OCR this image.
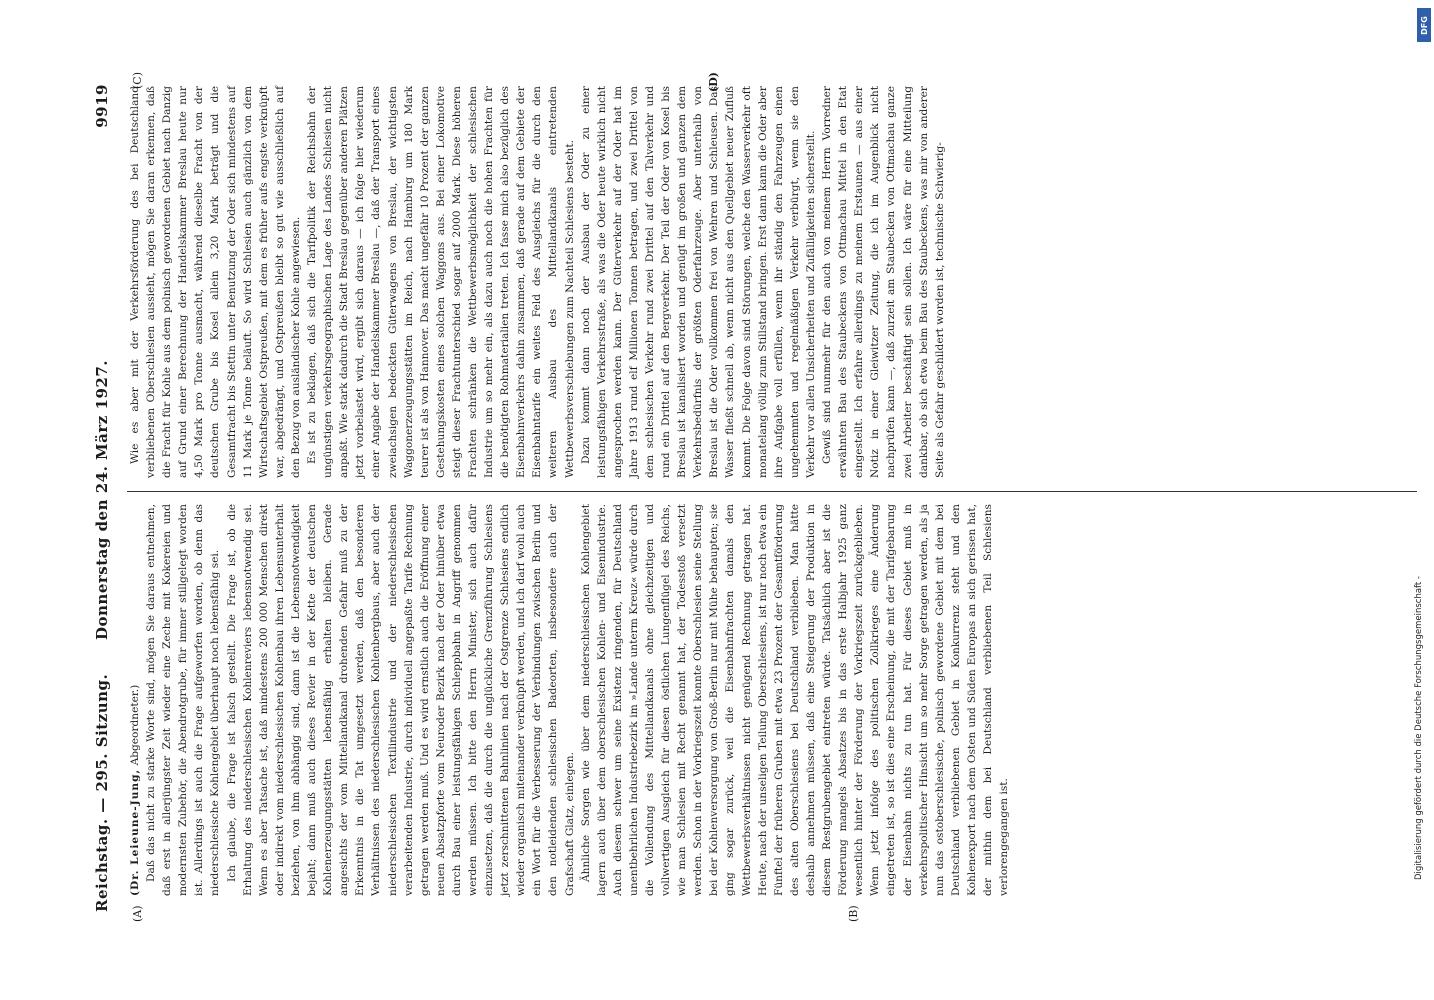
Reichstag. — 295. Sitzung.
Donnerstag den 24. März 1927.
9919
(A)	(B)
(C)	(D)

(Dr. Leieune-Jung, Abgeordneter.) Daß das nicht zu starke Worte sind, mögen Sie daraus entnehmen, daß erst in allerjüngster Zeit wieder eine Zeche mit Kokereien und modernsten Zubehör, die Abendrotgrube, für immer stillgelegt worden ist. Allerdings ist auch die Frage aufgeworfen worden, ob denn das niederschlesische Kohlengebiet überhaupt noch lebensfähig sei. Ich glaube, die Frage ist falsch gestellt. Die Frage ist, ob die Erhaltung des niederschlesischen Kohlenreviers lebensnotwendig sei. Wenn es aber Tatsache ist, daß mindestens 200 000 Menschen direkt oder indirekt vom niederschlesischen Kohlenbau ihren Lebensunterhalt beziehen, von ihm abhängig sind, dann ist die Lebensnotwendigkeit bejaht; dann muß auch dieses Revier in der Kette der deutschen Kohlenerzeugungsstätten lebensfähig erhalten bleiben. Gerade angesichts der vom Mittellandkanal drohenden Gefahr muß zu der Erkenntnis in die Tat umgesetzt werden, daß den besonderen Verhältnissen des niederschlesischen Kohlenbergbaus, aber auch der niederschlesischen Textilindustrie und der niederschlesischen verarbeitenden Industrie, durch individuell angepaßte Tarife Rechnung getragen werden muß. Und es wird ernstlich auch die Eröffnung einer neuen Absatzpforte vom Neuroder Bezirk nach der Oder hinüber etwa durch Bau einer leistungsfähigen Schleppbahn in Angriff genommen werden müssen. Ich bitte den Herrn Minister, sich auch dafür einzusetzen, daß die durch die unglückliche Grenzführung Schlesiens jetzt zerschnittenen Bahnlinien nach der Ostgrenze Schlesiens endlich wieder organisch miteinander verknüpft werden, und ich darf wohl auch ein Wort für die Verbesserung der Verbindungen zwischen Berlin und den notleidenden schlesischen Badeorten, insbesondere auch der Grafschaft Glatz, einlegen. Ähnliche Sorgen wie über dem niederschlesischen Kohlengebiet lagern auch über dem oberschlesischen Kohlen- und Eisenindustrie. Auch diesem schwer um seine Existenz ringenden, für Deutschland unentbehrlichen Industriebezirk im »Lande unterm Kreuz« würde durch die Vollendung des Mittellandkanals ohne gleichzeitigen und vollwertigen Ausgleich für diesen östlichen Lungenflügel des Reichs, wie man Schlesien mit Recht genannt hat, der Todesstoß versetzt werden. Schon in der Vorkriegszeit konnte Oberschlesien seine Stellung bei der Kohlenversorgung von Groß-Berlin nur mit Mühe behaupten; sie ging sogar zurück, weil die Eisenbahnfrachten damals den Wettbewerbsverhältnissen nicht genügend Rechnung getragen hat. Heute, nach der unseligen Teilung Oberschlesiens, ist nur noch etwa ein Fünftel der früheren Gruben mit etwa 23 Prozent der Gesamtförderung des alten Oberschlesiens bei Deutschland verblieben. Man hätte deshalb annehmen müssen, daß eine Steigerung der Produktion in diesem Restgrubengebiet eintreten würde. Tatsächlich aber ist die Förderung mangels Absatzes bis in das erste Halbjahr 1925 ganz wesentlich hinter der Förderung der Vorkriegszeit zurückgeblieben. Wenn jetzt infolge des politischen Zollkrieges eine Änderung eingetreten ist, so ist dies eine Erscheinung, die mit der Tarifgebarung der Eisenbahn nichts zu tun hat. Für dieses Gebiet muß in verkehrspolitischer Hinsicht um so mehr Sorge getragen werden, als ja nun das ostoberschlesische, polnisch gewordene Gebiet mit dem bei Deutschland verbliebenen Gebiet in Konkurrenz steht und den Kohlenexport nach dem Osten und Süden Europas an sich gerissen hat, der mithin dem bei Deutschland verbliebenen Teil Schlesiens verlorengegangen ist.

Wie es aber mit der Verkehrsförderung des bei Deutschland verbliebenen Oberschlesien aussieht, mögen Sie daran erkennen, daß die Fracht für Kohle aus dem polnisch gewordenen Gebiet nach Danzig auf Grund einer Berechnung der Handelskammer Breslau heute nur 4,50 Mark pro Tonne ausmacht, während dieselbe Fracht von der deutschen Grube bis Kosel allein 3,20 Mark beträgt und die Gesamtfracht bis Stettin unter Benutzung der Oder sich mindestens auf 11 Mark je Tonne beläuft. So wird Schlesien auch gänzlich von dem Wirtschaftsgebiet Ostpreußen, mit dem es früher aufs engste verknüpft war, abgedrängt, und Ostpreußen bleibt so gut wie ausschließlich auf den Bezug von ausländischer Kohle angewiesen. Es ist zu beklagen, daß sich die Tarifpolitik der Reichsbahn der ungünstigen verkehrsgeographischen Lage des Landes Schlesien nicht anpaßt. Wie stark dadurch die Stadt Breslau gegenüber anderen Plätzen jetzt vorbelastet wird, ergibt sich daraus — ich folge hier wiederum einer Angabe der Handelskammer Breslau —, daß der Transport eines zweiachsigen bedeckten Güterwagens von Breslau, der wichtigsten Waggonerzeugungsstätten im Reich, nach Hamburg um 180 Mark teurer ist als von Hannover. Das macht ungefähr 10 Prozent der ganzen Gestehungskosten eines solchen Waggons aus. Bei einer Lokomotive steigt dieser Frachtunterschied sogar auf 2000 Mark. Diese höheren Frachten schränken die Wettbewerbsmöglichkeit der schlesischen Industrie um so mehr ein, als dazu auch noch die hohen Frachten für die benötigten Rohmaterialien treten. Ich fasse mich also bezüglich des Eisenbahnverkehrs dahin zusammen, daß gerade auf dem Gebiete der Eisenbahntarife ein weites Feld des Ausgleichs für die durch den weiteren Ausbau des Mittellandkanals eintretenden Wettbewerbsverschiebungen zum Nachteil Schlesiens besteht. Dazu kommt dann noch der Ausbau der Oder zu einer leistungsfähigen Verkehrsstraße, als was die Oder heute wirklich nicht angesprochen werden kann. Der Güterverkehr auf der Oder hat im Jahre 1913 rund elf Millionen Tonnen betragen, und zwei Drittel von dem schlesischen Verkehr rund zwei Drittel auf den Talverkehr und rund ein Drittel auf den Bergverkehr. Der Teil der Oder von Kosel bis Breslau ist kanalisiert worden und genügt im großen und ganzen dem Verkehrsbedürfnis der größten Oderfahrzeuge. Aber unterhalb von Breslau ist die Oder vollkommen frei von Wehren und Schleusen. Das Wasser fließt schnell ab, wenn nicht aus den Quellgebiet neuer Zufluß kommt. Die Folge davon sind Störungen, welche den Wasserverkehr oft monatelang völlig zum Stillstand bringen. Erst dann kann die Oder aber ihre Aufgabe voll erfüllen, wenn ihr ständig den Fahrzeugen einen ungehemmten und regelmäßigen Verkehr verbürgt, wenn sie den Verkehr vor allen Unsicherheiten und Zufälligkeiten sicherstellt. Gewiß sind nunmehr für den auch von meinem Herrn Vorredner erwähnten Bau des Staubeckens von Ottmachau Mittel in den Etat eingestellt. Ich erfahre allerdings zu meinem Erstaunen — aus einer Notiz in einer Gleiwitzer Zeitung, die ich im Augenblick nicht nachprüfen kann —, daß zurzeit am Staubecken von Ottmachau ganze zwei Arbeiter beschäftigt sein sollen. Ich wäre für eine Mitteilung dankbar, ob sich etwa beim Bau des Staubeckens, was mir von anderer Seite als Gefahr geschildert worden ist, technische Schwierig-

DFG
Digitalisierung gefördert durch die Deutsche Forschungsgemeinschaft -
